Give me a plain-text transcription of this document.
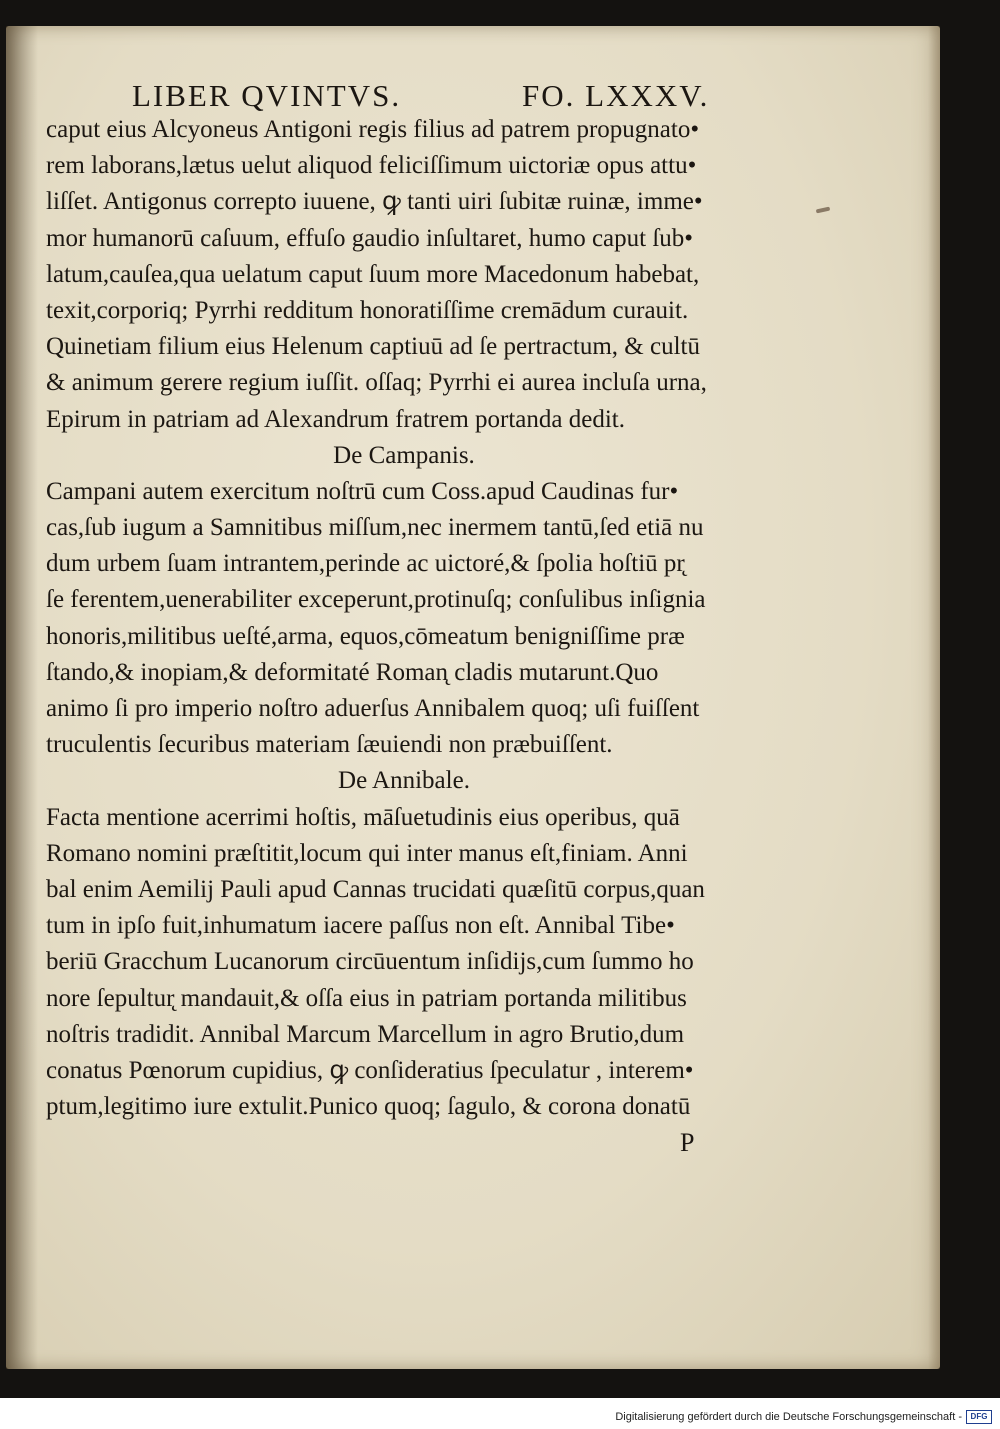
LIBER QVINTVS.	FO. LXXXV.
caput eius Alcyoneus Antigoni regis filius ad patrem propugnato•
rem laborans,lætus uelut aliquod feliciſſimum uictoriæ opus attu•
liſſet. Antigonus correpto iuuene, ꝙ tanti uiri ſubitæ ruinæ, imme•
mor humanorū caſuum, effuſo gaudio inſultaret, humo caput ſub•
latum,cauſea,qua uelatum caput ſuum more Macedonum habebat,
texit,corporiq; Pyrrhi redditum honoratiſſime cremādum curauit.
Quinetiam filium eius Helenum captiuū ad ſe pertractum, & cultū
& animum gerere regium iuſſit. oſſaq; Pyrrhi ei aurea incluſa urna,
Epirum in patriam ad Alexandrum fratrem portanda dedit.
De Campanis.
Campani autem exercitum noſtrū cum Coss.apud Caudinas fur•
cas,ſub iugum a Samnitibus miſſum,nec inermem tantū,ſed etiā nu
dum urbem ſuam intrantem,perinde ac uictoré,& ſpolia hoſtiū pr̨
ſe ferentem,uenerabiliter exceperunt,protinuſq; conſulibus inſignia
honoris,militibus ueſté,arma, equos,cōmeatum benigniſſime præ
ſtando,& inopiam,& deformitaté Roman̨ cladis mutarunt.Quo
animo ſi pro imperio noſtro aduerſus Annibalem quoq; uſi fuiſſent
truculentis ſecuribus materiam ſæuiendi non præbuiſſent.
De Annibale.
Facta mentione acerrimi hoſtis, māſuetudinis eius operibus, quā
Romano nomini præſtitit,locum qui inter manus eſt,finiam. Anni
bal enim Aemilij Pauli apud Cannas trucidati quæſitū corpus,quan
tum in ipſo fuit,inhumatum iacere paſſus non eſt. Annibal Tibe•
beriū Gracchum Lucanorum circūuentum inſidijs,cum ſummo ho
nore ſepultur̨ mandauit,& oſſa eius in patriam portanda militibus
noſtris tradidit. Annibal Marcum Marcellum in agro Brutio,dum
conatus Pœnorum cupidius, ꝙ conſideratius ſpeculatur , interem•
ptum,legitimo iure extulit.Punico quoq; ſagulo, & corona donatū
P
Digitalisierung gefördert durch die Deutsche Forschungsgemeinschaft -	DFG
